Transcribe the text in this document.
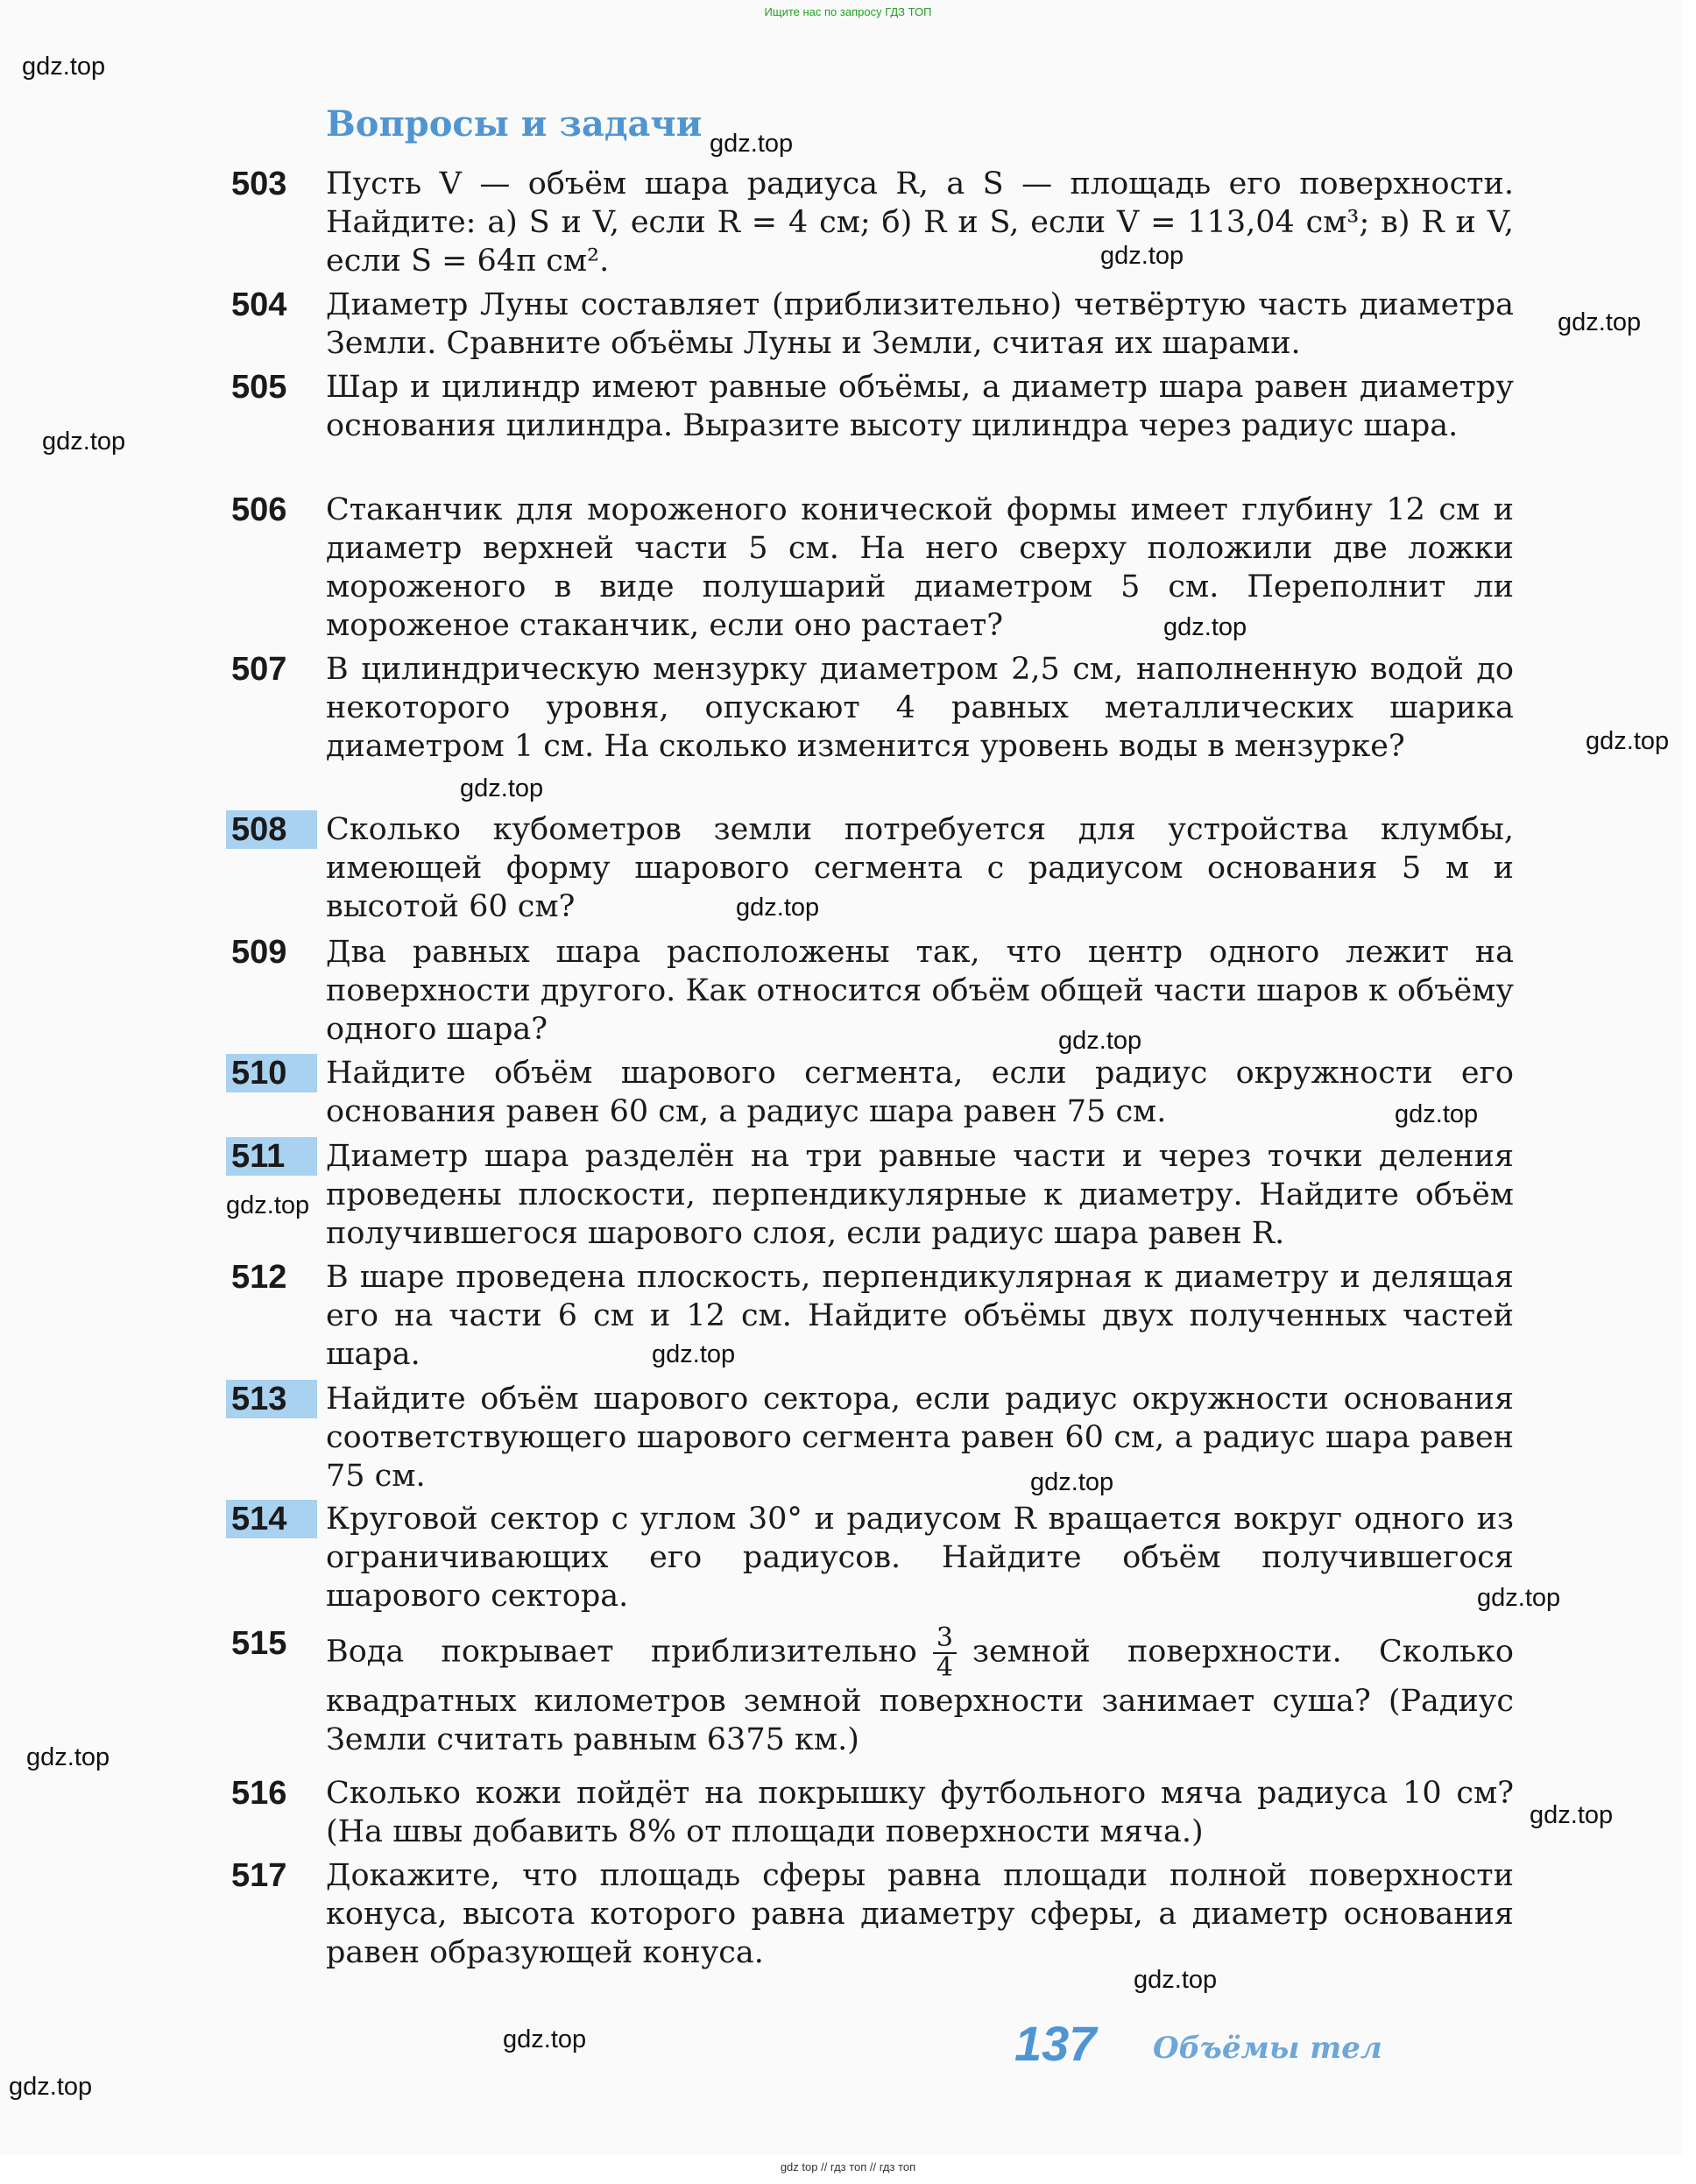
Ищите нас по запросу ГДЗ ТОП
Вопросы и задачи
503	Пусть V — объём шара радиуса R, а S — площадь его поверхности. Найдите: а) S и V, если R = 4 см; б) R и S, если V = 113,04 см³; в) R и V, если S = 64π см².
504	Диаметр Луны составляет (приблизительно) четвёртую часть диаметра Земли. Сравните объёмы Луны и Земли, считая их шарами.
505	Шар и цилиндр имеют равные объёмы, а диаметр шара равен диаметру основания цилиндра. Выразите высоту цилиндра через радиус шара.
506	Стаканчик для мороженого конической формы имеет глубину 12 см и диаметр верхней части 5 см. На него сверху положили две ложки мороженого в виде полушарий диаметром 5 см. Переполнит ли мороженое стаканчик, если оно растает?
507	В цилиндрическую мензурку диаметром 2,5 см, наполненную водой до некоторого уровня, опускают 4 равных металлических шарика диаметром 1 см. На сколько изменится уровень воды в мензурке?
508	Сколько кубометров земли потребуется для устройства клумбы, имеющей форму шарового сегмента с радиусом основания 5 м и высотой 60 см?
509	Два равных шара расположены так, что центр одного лежит на поверхности другого. Как относится объём общей части шаров к объёму одного шара?
510	Найдите объём шарового сегмента, если радиус окружности его основания равен 60 см, а радиус шара равен 75 см.
511	Диаметр шара разделён на три равные части и через точки деления проведены плоскости, перпендикулярные к диаметру. Найдите объём получившегося шарового слоя, если радиус шара равен R.
512	В шаре проведена плоскость, перпендикулярная к диаметру и делящая его на части 6 см и 12 см. Найдите объёмы двух полученных частей шара.
513	Найдите объём шарового сектора, если радиус окружности основания соответствующего шарового сегмента равен 60 см, а радиус шара равен 75 см.
514	Круговой сектор с углом 30° и радиусом R вращается вокруг одного из ограничивающих его радиусов. Найдите объём получившегося шарового сектора.
515	Вода покрывает приблизительно $\frac{3}{4}$ земной поверхности. Сколько квадратных километров земной поверхности занимает суша? (Радиус Земли считать равным 6375 км.)
516	Сколько кожи пойдёт на покрышку футбольного мяча радиуса 10 см? (На швы добавить 8% от площади поверхности мяча.)
517	Докажите, что площадь сферы равна площади полной поверхности конуса, высота которого равна диаметру сферы, а диаметр основания равен образующей конуса.
137 Объёмы тел
gdz.top
gdz.top
gdz.top
gdz.top
gdz.top
gdz.top
gdz.top
gdz.top
gdz.top
gdz.top
gdz.top
gdz.top
gdz.top
gdz.top
gdz.top
gdz.top
gdz.top
gdz.top
gdz.top
gdz.top
gdz top // гдз топ // гдз топ
